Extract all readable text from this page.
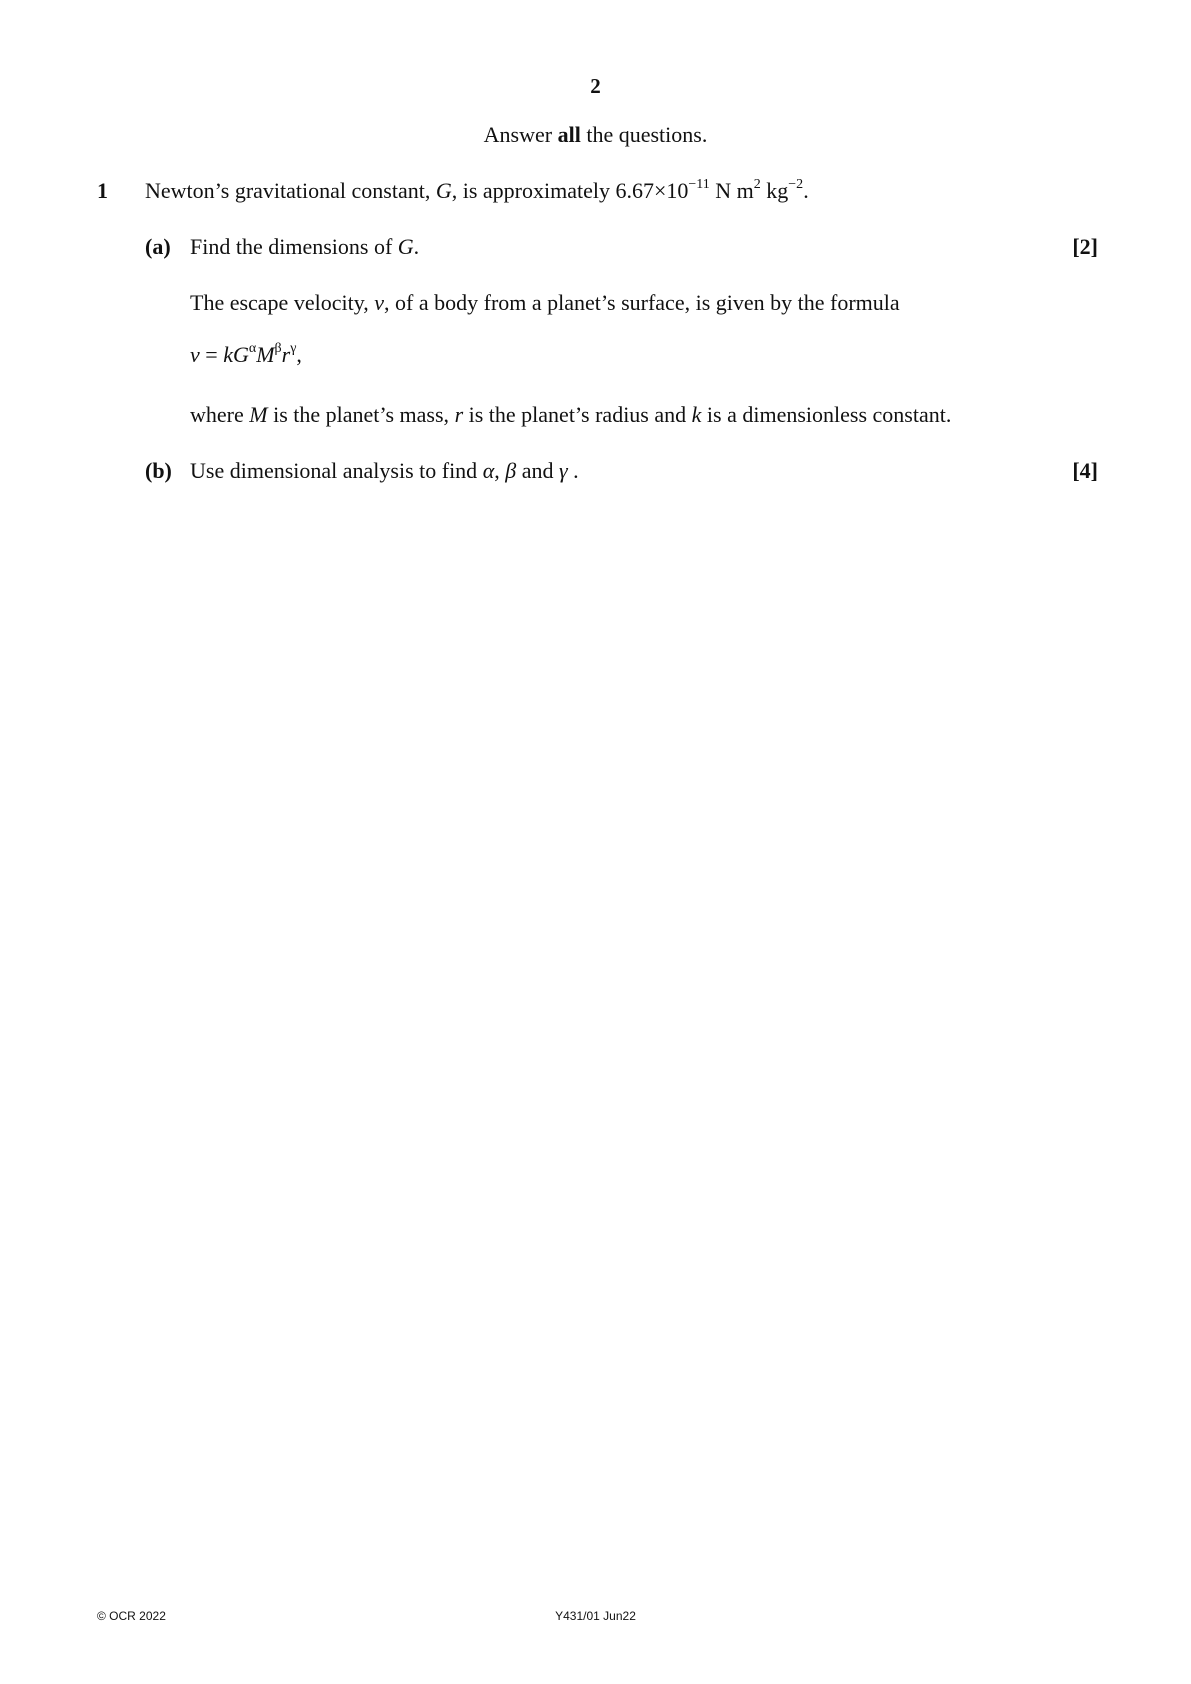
2
Answer all the questions.
1 Newton’s gravitational constant, G, is approximately $6.67\times 10^{-11}$ N $m^2$ $kg^{-2}$.
(a) Find the dimensions of G.	[2]
The escape velocity, v, of a body from a planet’s surface, is given by the formula
$v = kG^\alpha M^\beta r^\gamma$,
where M is the planet’s mass, r is the planet’s radius and k is a dimensionless constant.
(b) Use dimensional analysis to find α, β and γ .	[4]
© OCR 2022	Y431/01 Jun22
